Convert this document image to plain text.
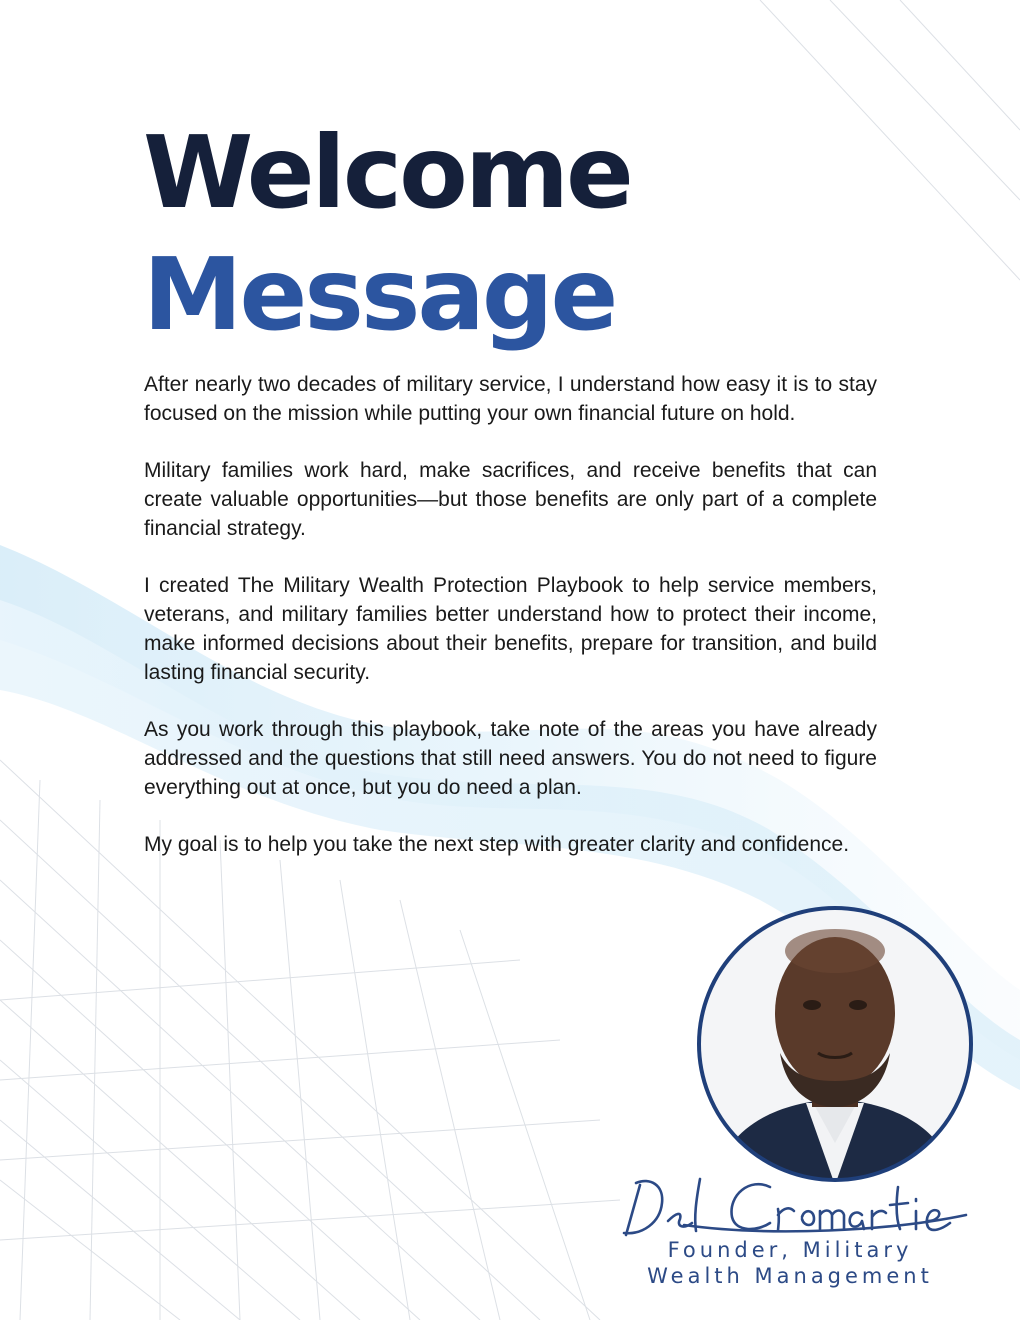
Welcome
Message

After nearly two decades of military service, I understand how easy it is to stay focused on the mission while putting your own financial future on hold.

Military families work hard, make sacrifices, and receive benefits that can create valuable opportunities—but those benefits are only part of a complete financial strategy.

I created The Military Wealth Protection Playbook to help service members, veterans, and military families better understand how to protect their income, make informed decisions about their benefits, prepare for transition, and build lasting financial security.

As you work through this playbook, take note of the areas you have already addressed and the questions that still need answers. You do not need to figure everything out at once, but you do need a plan.

My goal is to help you take the next step with greater clarity and confidence.

Founder, Military
Wealth Management
